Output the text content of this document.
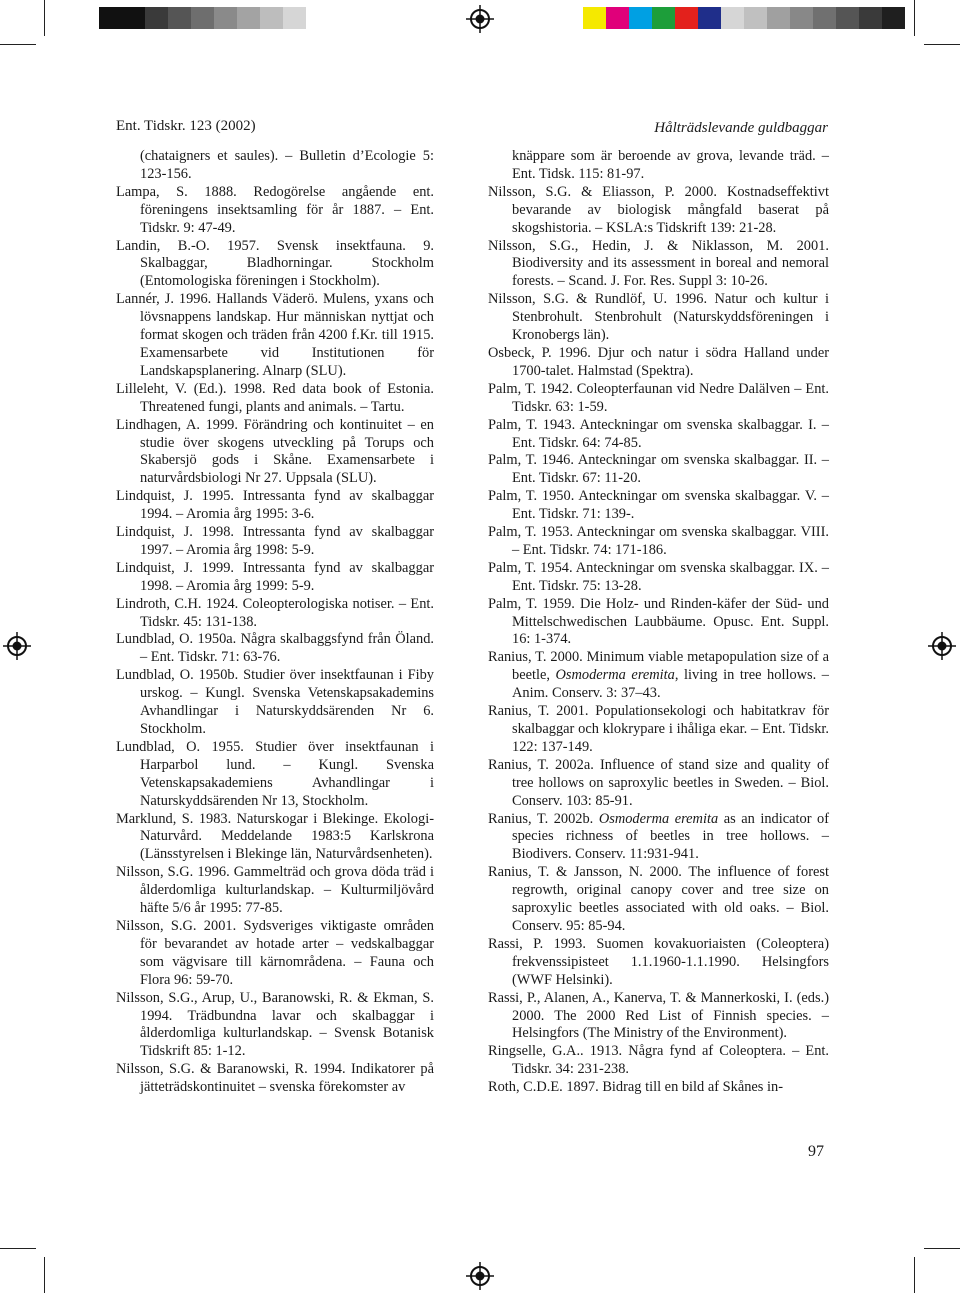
Ent. Tidskr. 123 (2002)	Hålträdslevande guldbaggar
(chataigners et saules). – Bulletin d’Ecologie 5: 123-156.
Lampa, S. 1888. Redogörelse angående ent. föreningens insektsamling för år 1887. – Ent. Tidskr. 9: 47-49.
Landin, B.-O. 1957. Svensk insektfauna. 9. Skalbaggar, Bladhorningar. Stockholm (Entomologiska föreningen i Stockholm).
Lannér, J. 1996. Hallands Väderö. Mulens, yxans och lövsnappens landskap. Hur människan nyttjat och format skogen och träden från 4200 f.Kr. till 1915. Examensarbete vid Institutionen för Landskapsplanering. Alnarp (SLU).
Lilleleht, V. (Ed.). 1998. Red data book of Estonia. Threatened fungi, plants and animals. – Tartu.
Lindhagen, A. 1999. Förändring och kontinuitet – en studie över skogens utveckling på Torups och Skabersjö gods i Skåne. Examensarbete i naturvårdsbiologi Nr 27. Uppsala (SLU).
Lindquist, J. 1995. Intressanta fynd av skalbaggar 1994. – Aromia årg 1995: 3-6.
Lindquist, J. 1998. Intressanta fynd av skalbaggar 1997. – Aromia årg 1998: 5-9.
Lindquist, J. 1999. Intressanta fynd av skalbaggar 1998. – Aromia årg 1999: 5-9.
Lindroth, C.H. 1924. Coleopterologiska notiser. – Ent. Tidskr. 45: 131-138.
Lundblad, O. 1950a. Några skalbaggsfynd från Öland. – Ent. Tidskr. 71: 63-76.
Lundblad, O. 1950b. Studier över insektfaunan i Fiby urskog. – Kungl. Svenska Vetenskapsakademins Avhandlingar i Naturskyddsärenden Nr 6. Stockholm.
Lundblad, O. 1955. Studier över insektfaunan i Harparbol lund. – Kungl. Svenska Vetenskapsakademiens Avhandlingar i Naturskyddsärenden Nr 13, Stockholm.
Marklund, S. 1983. Naturskogar i Blekinge. Ekologi-Naturvård. Meddelande 1983:5 Karlskrona (Länsstyrelsen i Blekinge län, Naturvårdsenheten).
Nilsson, S.G. 1996. Gammelträd och grova döda träd i ålderdomliga kulturlandskap. – Kulturmiljövård häfte 5/6 år 1995: 77-85.
Nilsson, S.G. 2001. Sydsveriges viktigaste områden för bevarandet av hotade arter – vedskalbaggar som vägvisare till kärnområdena. – Fauna och Flora 96: 59-70.
Nilsson, S.G., Arup, U., Baranowski, R. & Ekman, S. 1994. Trädbundna lavar och skalbaggar i ålderdomliga kulturlandskap. – Svensk Botanisk Tidskrift 85: 1-12.
Nilsson, S.G. & Baranowski, R. 1994. Indikatorer på jätteträdskontinuitet – svenska förekomster av
knäppare som är beroende av grova, levande träd. – Ent. Tidsk. 115: 81-97.
Nilsson, S.G. & Eliasson, P. 2000. Kostnadseffektivt bevarande av biologisk mångfald baserat på skogshistoria. – KSLA:s Tidskrift 139: 21-28.
Nilsson, S.G., Hedin, J. & Niklasson, M. 2001. Biodiversity and its assessment in boreal and nemoral forests. – Scand. J. For. Res. Suppl 3: 10-26.
Nilsson, S.G. & Rundlöf, U. 1996. Natur och kultur i Stenbrohult. Stenbrohult (Naturskyddsföreningen i Kronobergs län).
Osbeck, P. 1996. Djur och natur i södra Halland under 1700-talet. Halmstad (Spektra).
Palm, T. 1942. Coleopterfaunan vid Nedre Dalälven – Ent. Tidskr. 63: 1-59.
Palm, T. 1943. Anteckningar om svenska skalbaggar. I. – Ent. Tidskr. 64: 74-85.
Palm, T. 1946. Anteckningar om svenska skalbaggar. II. – Ent. Tidskr. 67: 11-20.
Palm, T. 1950. Anteckningar om svenska skalbaggar. V. – Ent. Tidskr. 71: 139-.
Palm, T. 1953. Anteckningar om svenska skalbaggar. VIII. – Ent. Tidskr. 74: 171-186.
Palm, T. 1954. Anteckningar om svenska skalbaggar. IX. – Ent. Tidskr. 75: 13-28.
Palm, T. 1959. Die Holz- und Rinden-käfer der Süd- und Mittelschwedischen Laubbäume. Opusc. Ent. Suppl. 16: 1-374.
Ranius, T. 2000. Minimum viable metapopulation size of a beetle, Osmoderma eremita, living in tree hollows. – Anim. Conserv. 3: 37–43.
Ranius, T. 2001. Populationsekologi och habitatkrav för skalbaggar och klokrypare i ihåliga ekar. – Ent. Tidskr. 122: 137-149.
Ranius, T. 2002a. Influence of stand size and quality of tree hollows on saproxylic beetles in Sweden. – Biol. Conserv. 103: 85-91.
Ranius, T. 2002b. Osmoderma eremita as an indicator of species richness of beetles in tree hollows. – Biodivers. Conserv. 11:931-941.
Ranius, T. & Jansson, N. 2000. The influence of forest regrowth, original canopy cover and tree size on saproxylic beetles associated with old oaks. – Biol. Conserv. 95: 85-94.
Rassi, P. 1993. Suomen kovakuoriaisten (Coleoptera) frekvenssipisteet 1.1.1960-1.1.1990. Helsingfors (WWF Helsinki).
Rassi, P., Alanen, A., Kanerva, T. & Mannerkoski, I. (eds.) 2000. The 2000 Red List of Finnish species. – Helsingfors (The Ministry of the Environment).
Ringselle, G.A.. 1913. Några fynd af Coleoptera. – Ent. Tidskr. 34: 231-238.
Roth, C.D.E. 1897. Bidrag till en bild af Skånes in-
97
